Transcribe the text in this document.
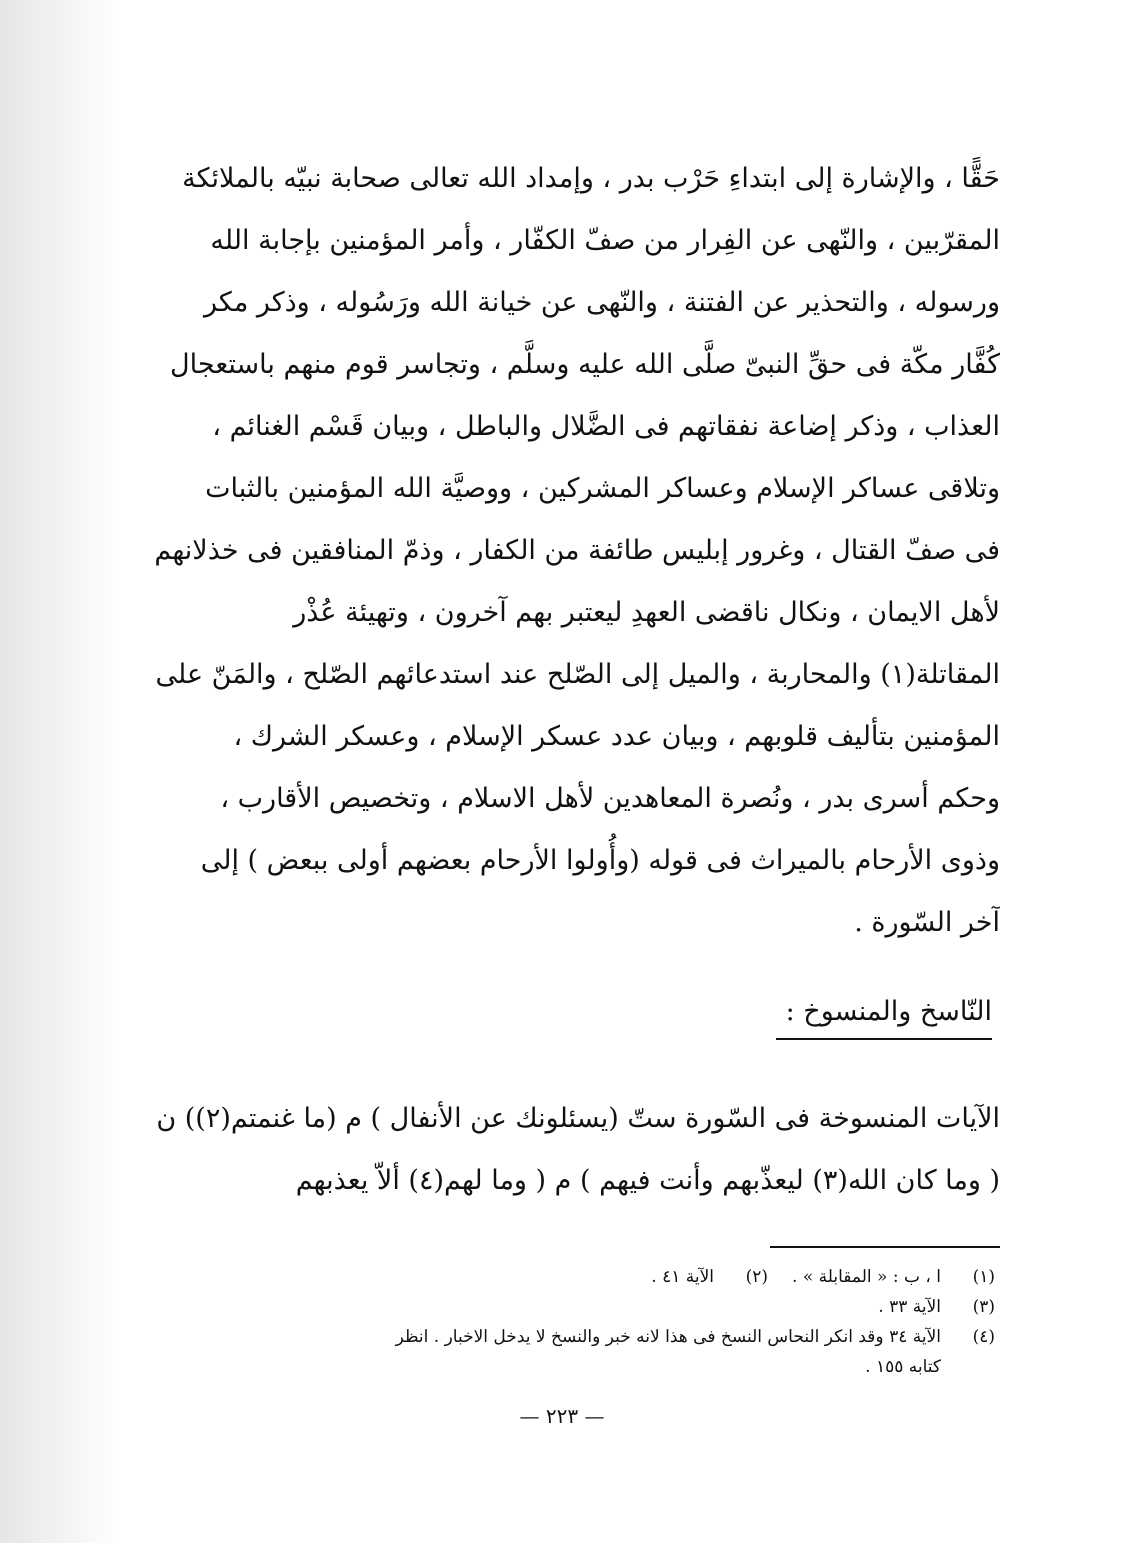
حَقًّا ، والإشارة إلى ابتداءِ حَرْب بدر ، وإمداد الله تعالى صحابة نبيّه بالملائكة
المقرّبين ، والنّهى عن الفِرار من صفّ الكفّار ، وأمر المؤمنين بإجابة الله
ورسوله ، والتحذير عن الفتنة ، والنّهى عن خيانة الله ورَسُوله ، وذكر مكر
كُفَّار مكّة فى حقِّ النبىّ صلَّى الله عليه وسلَّم ، وتجاسر قوم منهم باستعجال
العذاب ، وذكر إضاعة نفقاتهم فى الضَّلال والباطل ، وبيان قَسْم الغنائم ،
وتلاقى عساكر الإسلام وعساكر المشركين ، ووصيَّة الله المؤمنين بالثبات
فى صفّ القتال ، وغرور إبليس طائفة من الكفار ، وذمّ المنافقين فى خذلانهم
لأهل الايمان ، ونكال ناقضى العهدِ ليعتبر بهم آخرون ، وتهيئة عُذْر
المقاتلة(١) والمحاربة ، والميل إلى الصّلح عند استدعائهم الصّلح ، والمَنّ على
المؤمنين بتأليف قلوبهم ، وبيان عدد عسكر الإسلام ، وعسكر الشرك ،
وحكم أسرى بدر ، ونُصرة المعاهدين لأهل الاسلام ، وتخصيص الأقارب ،
وذوى الأرحام بالميراث فى قوله (وأُولوا الأرحام بعضهم أولى ببعض ) إلى
آخر السّورة .
النّاسخ والمنسوخ :
الآيات المنسوخة فى السّورة ستّ (يسئلونك عن الأنفال ) م (ما غنمتم(٢)) ن
( وما كان الله(٣) ليعذّبهم وأنت فيهم ) م ( وما لهم(٤) ألاّ يعذبهم
(١)
ا ، ب : « المقابلة » .
(٢)
الآية ٤١ .
(٣)
الآية ٣٣ .
(٤)
الآية ٣٤ وقد انكر النحاس النسخ فى هذا لانه خبر والنسخ لا يدخل الاخبار . انظر
كتابه ١٥٥ .
— ٢٢٣ —
